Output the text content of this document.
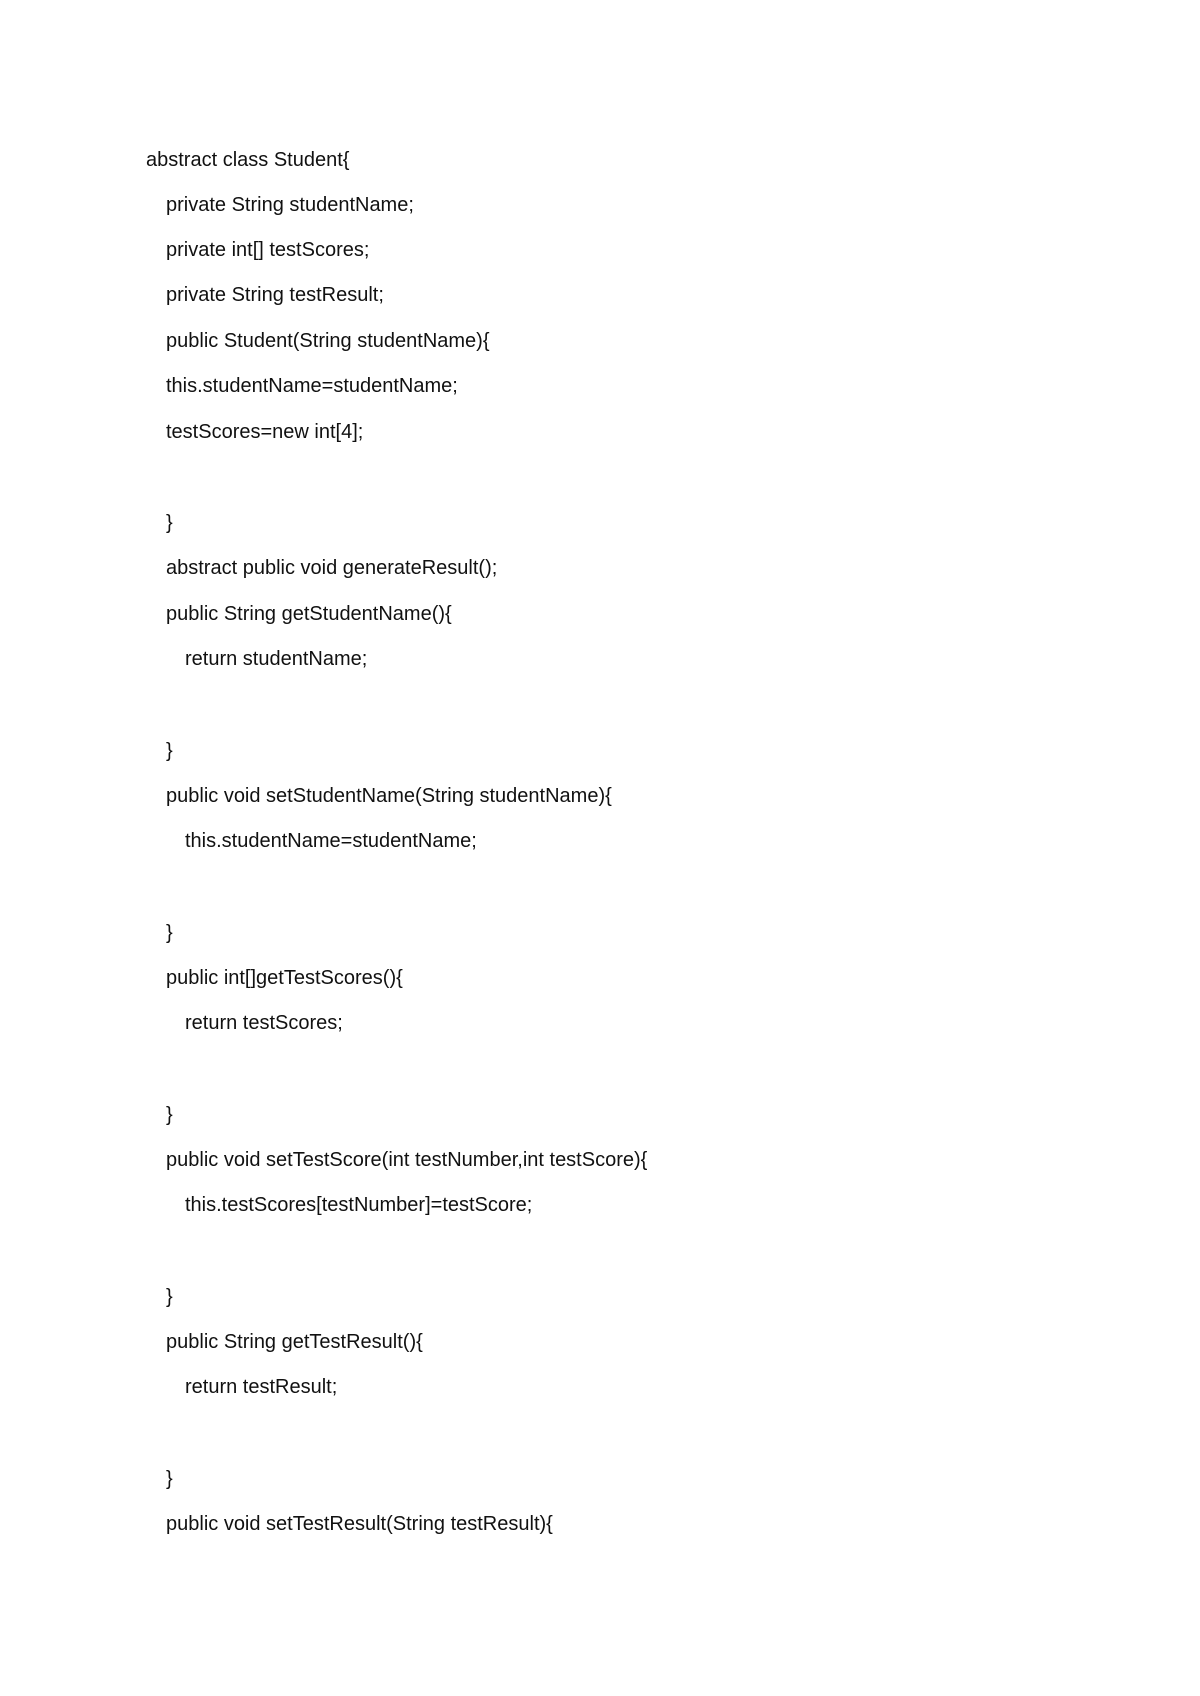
abstract class Student{

private String studentName;

private int[] testScores;

private String testResult;

public Student(String studentName){

this.studentName=studentName;

testScores=new int[4];

}

abstract public void generateResult();

public String getStudentName(){

return studentName;

}

public void setStudentName(String studentName){

this.studentName=studentName;

}

public int[]getTestScores(){

return testScores;

}

public void setTestScore(int testNumber,int testScore){

this.testScores[testNumber]=testScore;

}

public String getTestResult(){

return testResult;

}

public void setTestResult(String testResult){
